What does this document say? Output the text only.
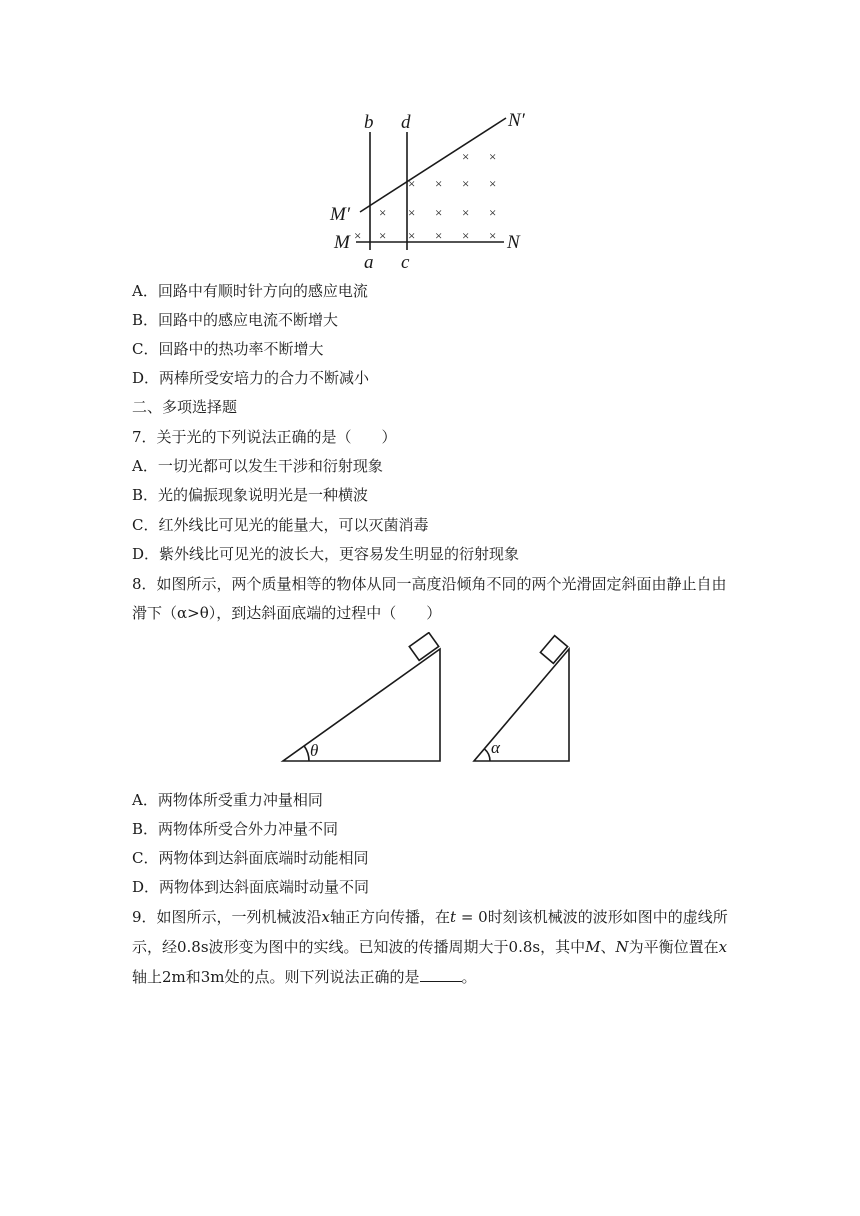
× × × × × ×
× × × × ×
× × × ×
× ×
b d	N′
M′
M	N
a c
A．回路中有顺时针方向的感应电流
B．回路中的感应电流不断增大
C．回路中的热功率不断增大
D．两棒所受安培力的合力不断减小
二、多项选择题
7．关于光的下列说法正确的是（　　）
A．一切光都可以发生干涉和衍射现象
B．光的偏振现象说明光是一种横波
C．红外线比可见光的能量大，可以灭菌消毒
D．紫外线比可见光的波长大，更容易发生明显的衍射现象
8．如图所示，两个质量相等的物体从同一高度沿倾角不同的两个光滑固定斜面由静止自由
滑下（α>θ），到达斜面底端的过程中（　　）
θ	α
A．两物体所受重力冲量相同
B．两物体所受合外力冲量不同
C．两物体到达斜面底端时动能相同
D．两物体到达斜面底端时动量不同
9．如图所示，一列机械波沿x轴正方向传播，在t = 0时刻该机械波的波形如图中的虚线所
示，经0.8s波形变为图中的实线。已知波的传播周期大于0.8s，其中M、N为平衡位置在x
轴上2m和3m处的点。则下列说法正确的是	。
